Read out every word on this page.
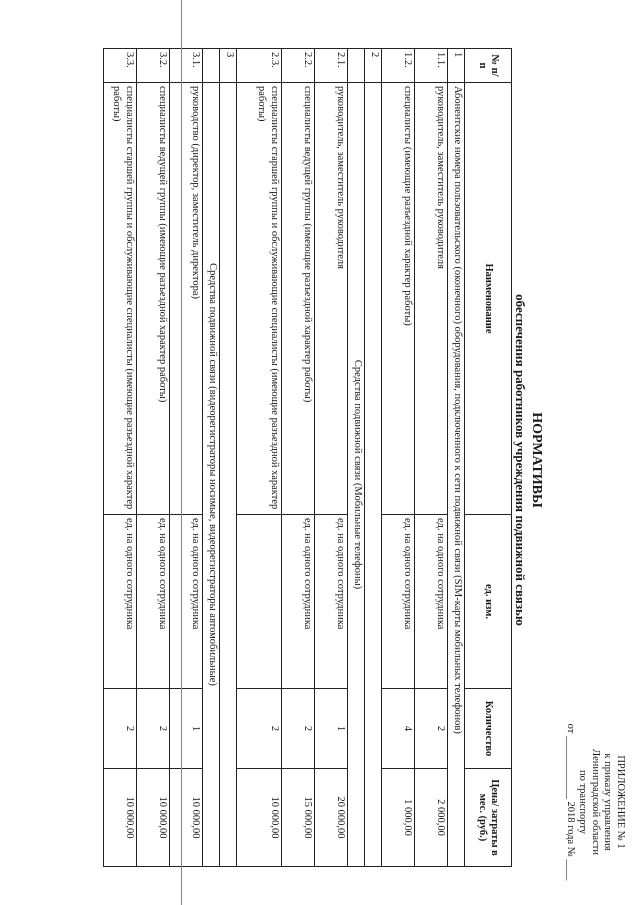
ПРИЛОЖЕНИЕ № 1
к приказу управления
Ленинградской области
по транспорту
от ____________ 2018 года № ____
НОРМАТИВЫ
обеспечения работников учреждения подвижной связью
№ п/п	Наименование	ед. изм.	Количество	Цена/ затраты в мес. (руб.)
1	Абонентские номера пользовательского (оконечного) оборудования, подключенного к сети подвижной связи (SIM-карты мобильных телефонов)			
1.1.	руководитель, заместитель руководителя	ед. на одного сотрудника	2	2 000,00
1.2.	специалисты (имеющие разъездной характер работы)	ед. на одного сотрудника	4	1 000,00
2				
	Средства подвижной связи (Мобильные телефоны)			
2.1.	руководитель, заместитель руководителя	ед. на одного сотрудника	1	20 000,00
2.2.	специалисты ведущей группы (имеющие разъездной характер работы)	ед. на одного сотрудника	2	15 000,00
2.3.	специалисты старшей группы и обслуживающие специалисты (имеющие разъездной характер работы)		2	10 000,00
3				
	Средства подвижной связи (видеорегистраторы носимые, видеорегистраторы автомобильные)			
3.1.	руководство (директор, заместитель директора)	ед. на одного сотрудника	1	10 000,00
3.2.	специалисты ведущей группы (имеющие разъездной характер работы)	ед. на одного сотрудника	2	10 000,00
3.3.	специалисты старшей группы и обслуживающие специалисты (имеющие разъездной характер работы)	ед. на одного сотрудника	2	10 000,00
